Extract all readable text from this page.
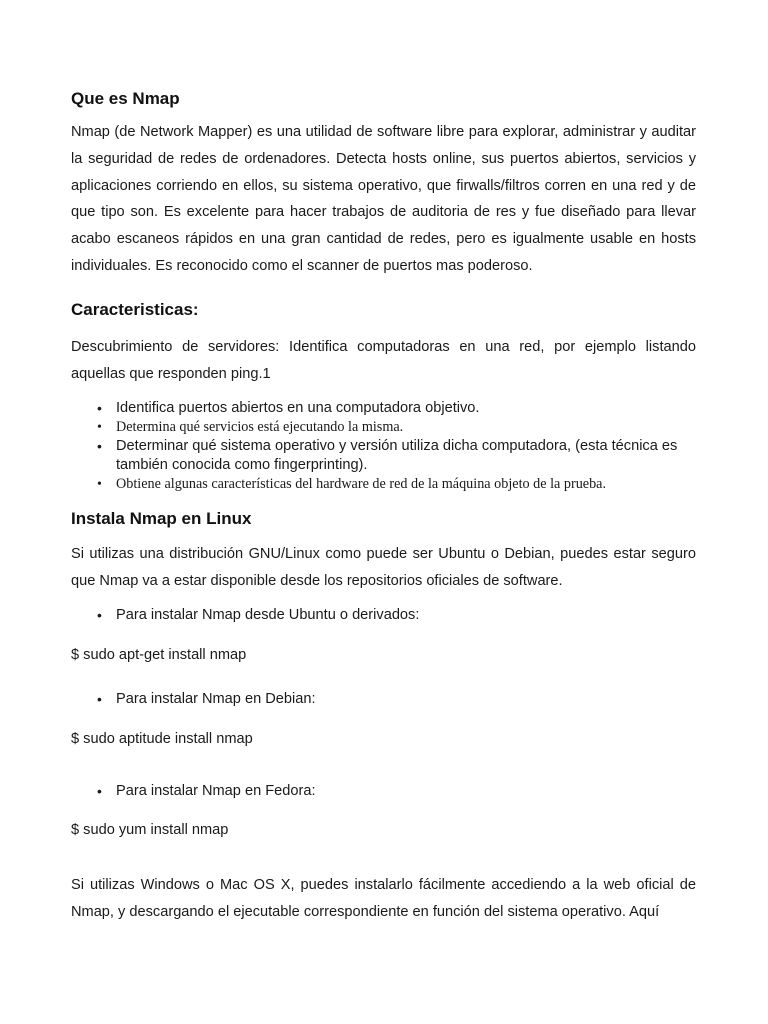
Que es Nmap

Nmap (de Network Mapper) es una utilidad de software libre para explorar, administrar y auditar la seguridad de redes de ordenadores. Detecta hosts online, sus puertos abiertos, servicios y aplicaciones corriendo en ellos, su sistema operativo, que firwalls/filtros corren en una red y de que tipo son. Es excelente para hacer trabajos de auditoria de res y fue diseñado para llevar acabo escaneos rápidos en una gran cantidad de redes, pero es igualmente usable en hosts individuales. Es reconocido como el scanner de puertos mas poderoso.

Caracteristicas:

Descubrimiento de servidores: Identifica computadoras en una red, por ejemplo listando aquellas que responden ping.1

• Identifica puertos abiertos en una computadora objetivo.
• Determina qué servicios está ejecutando la misma.
• Determinar qué sistema operativo y versión utiliza dicha computadora, (esta técnica es también conocida como fingerprinting).
• Obtiene algunas características del hardware de red de la máquina objeto de la prueba.
Instala Nmap en Linux

Si utilizas una distribución GNU/Linux como puede ser Ubuntu o Debian, puedes estar seguro que Nmap va a estar disponible desde los repositorios oficiales de software.

• Para instalar Nmap desde Ubuntu o derivados:

$ sudo apt-get install nmap

• Para instalar Nmap en Debian:

$ sudo aptitude install nmap

• Para instalar Nmap en Fedora:

$ sudo yum install nmap

Si utilizas Windows o Mac OS X, puedes instalarlo fácilmente accediendo a la web oficial de Nmap, y descargando el ejecutable correspondiente en función del sistema operativo. Aquí
